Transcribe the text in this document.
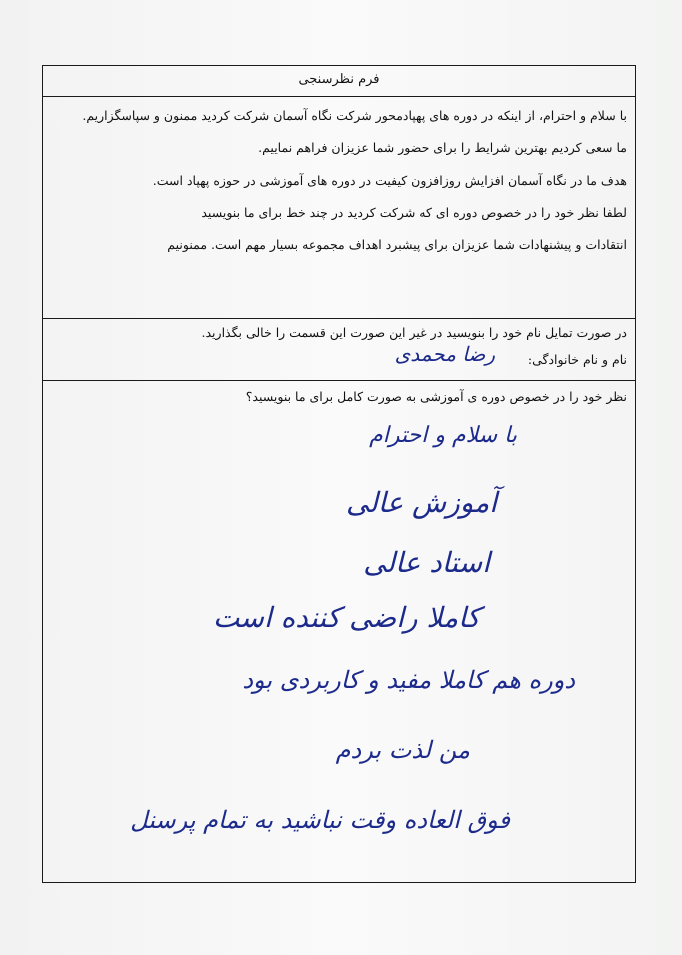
فرم نظرسنجی
با سلام و احترام، از اینکه در دوره های پهپادمحور شرکت نگاه آسمان شرکت کردید ممنون و سپاسگزاریم.
ما سعی کردیم بهترین شرایط را برای حضور شما عزیزان فراهم نماییم.
هدف ما در نگاه آسمان افزایش روزافزون کیفیت در دوره های آموزشی در حوزه پهپاد است.
لطفا نظر خود را در خصوص دوره ای که شرکت کردید در چند خط برای ما بنویسید
انتقادات و پیشنهادات شما عزیزان برای پیشبرد اهداف مجموعه بسیار مهم است. ممنونیم
در صورت تمایل نام خود را بنویسید در غیر این صورت این قسمت را خالی بگذارید.
نام و نام خانوادگی:
رضا محمدی
نظر خود را در خصوص دوره ی آموزشی به صورت کامل برای ما بنویسید؟
با سلام و احترام
آموزش عالی
استاد عالی
کاملا راضی کننده است
دوره هم کاملا مفید و کاربردی بود
من لذت بردم
فوق العاده وقت نباشید به تمام پرسنل
